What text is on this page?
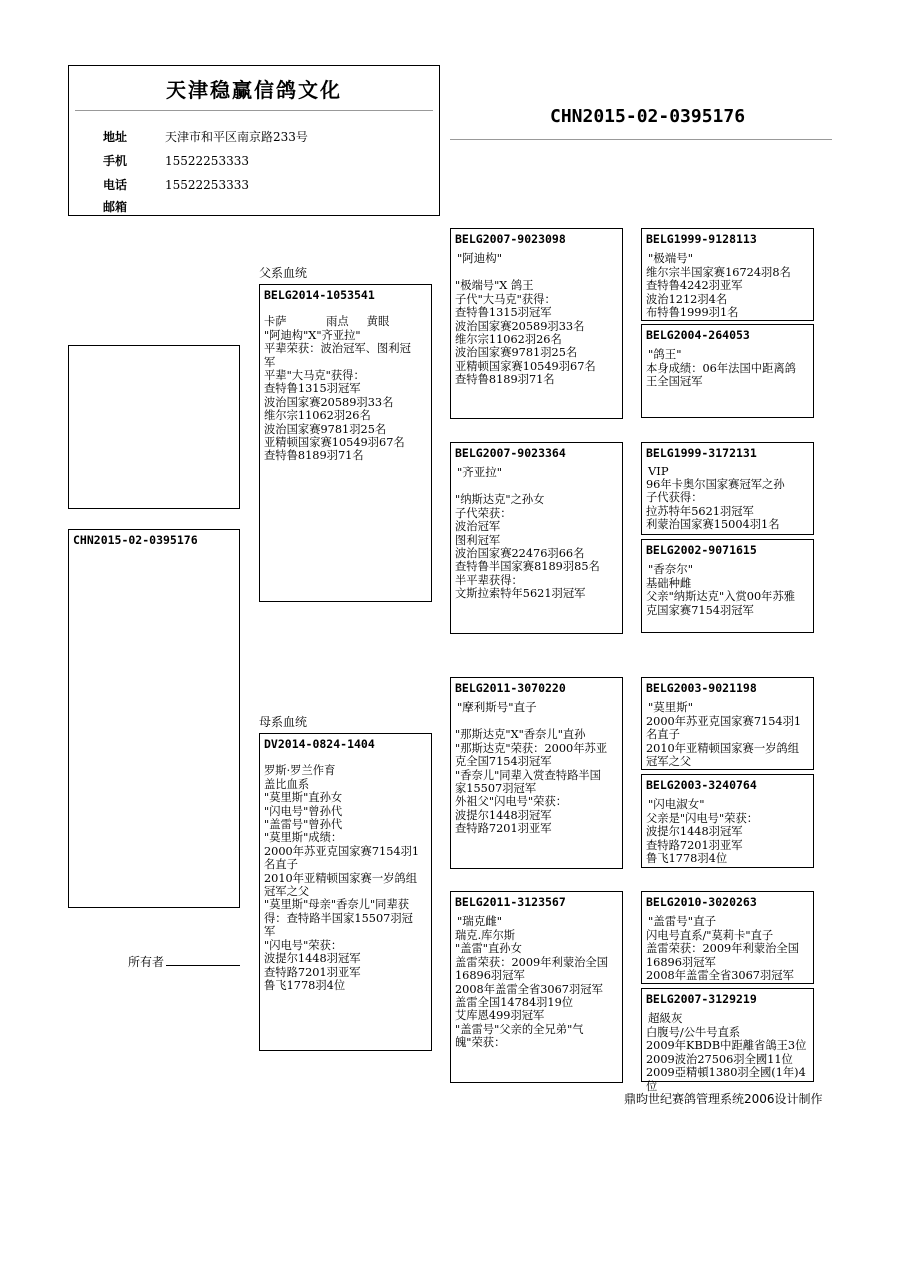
天津稳赢信鸽文化
地址	天津市和平区南京路233号
手机	15522253333
电话	15522253333
邮箱
CHN2015-02-0395176
CHN2015-02-0395176
所有者
父系血统
母系血统
BELG2014-1053541

卡萨           雨点     黄眼
"阿迪构"X"齐亚拉"
平辈荣获：波治冠军、图利冠
军
平辈"大马克"获得：
查特鲁1315羽冠军
波治国家赛20589羽33名
维尔宗11062羽26名
波治国家赛9781羽25名
亚精顿国家赛10549羽67名
查特鲁8189羽71名
DV2014-0824-1404

罗斯·罗兰作育
盖比血系
"莫里斯"直孙女
"闪电号"曾孙代
"盖雷号"曾孙代
"莫里斯"成绩：
2000年苏亚克国家赛7154羽1
名直子
2010年亚精顿国家赛一岁鸽组
冠军之父
"莫里斯"母亲"香奈儿"同辈获
得：查特路半国家15507羽冠
军
"闪电号"荣获：
波提尔1448羽冠军
查特路7201羽亚军
鲁飞1778羽4位
BELG2007-9023098
"阿迪构"

"极端号"X 鸽王
子代"大马克"获得：
查特鲁1315羽冠军
波治国家赛20589羽33名
维尔宗11062羽26名
波治国家赛9781羽25名
亚精顿国家赛10549羽67名
查特鲁8189羽71名
BELG2007-9023364
"齐亚拉"

"纳斯达克"之孙女
子代荣获：
波治冠军
图利冠军
波治国家赛22476羽66名
查特鲁半国家赛8189羽85名
半平辈获得：
文斯拉索特年5621羽冠军
BELG2011-3070220
"摩利斯号"直子

"那斯达克"X"香奈儿"直孙
"那斯达克"荣获：2000年苏亚
克全国7154羽冠军
"香奈儿"同辈入赏查特路半国
家15507羽冠军
外祖父"闪电号"荣获：
波提尔1448羽冠军
查特路7201羽亚军
BELG2011-3123567
"瑞克雌"
瑞克.库尔斯
"盖雷"直孙女
盖雷荣获：2009年利蒙治全国
16896羽冠军
2008年盖雷全省3067羽冠军
盖雷全国14784羽19位
艾库恩499羽冠军
"盖雷号"父亲的全兄弟"气
魄"荣获：
BELG1999-9128113
"极端号"
维尔宗半国家赛16724羽8名
查特鲁4242羽亚军
波治1212羽4名
布特鲁1999羽1名
BELG2004-264053
"鸽王"
本身成绩：06年法国中距离鸽
王全国冠军
BELG1999-3172131
VIP
96年卡奥尔国家赛冠军之孙
子代获得：
拉苏特年5621羽冠军
利蒙治国家赛15004羽1名
BELG2002-9071615
"香奈尔"
基础种雌
父亲"纳斯达克"入赏00年苏雅
克国家赛7154羽冠军
BELG2003-9021198
"莫里斯"
2000年苏亚克国家赛7154羽1
名直子
2010年亚精顿国家赛一岁鸽组
冠军之父
BELG2003-3240764
"闪电淑女"
父亲是"闪电号"荣获：
波提尔1448羽冠军
查特路7201羽亚军
鲁飞1778羽4位
BELG2010-3020263
"盖雷号"直子
闪电号直系/"莫莉卡"直子
盖雷荣获：2009年利蒙治全国
16896羽冠军
2008年盖雷全省3067羽冠军
BELG2007-3129219
超級灰
白腹号/公牛号直系
2009年KBDB中距離省鴿王3位
2009波治27506羽全國11位
2009亞精頓1380羽全國(1年)4位
鼎昀世纪赛鸽管理系统2006设计制作
